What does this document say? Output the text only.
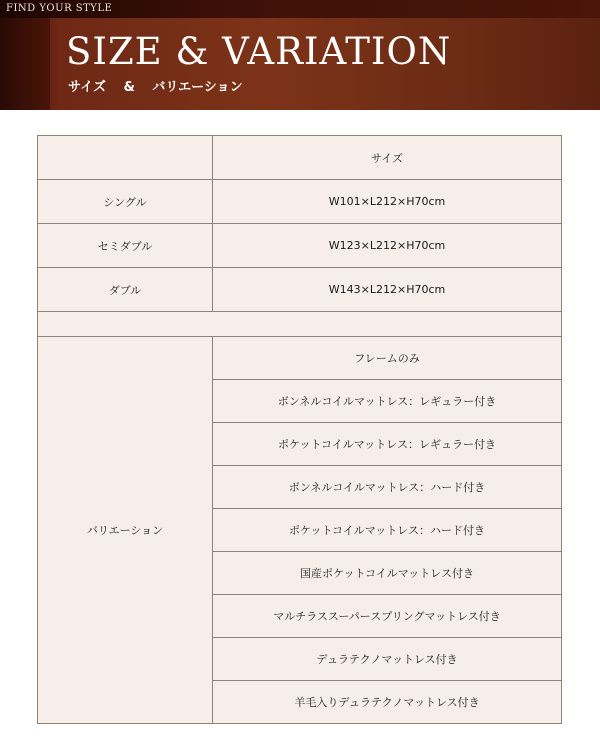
FIND YOUR STYLE
SIZE & VARIATION
サイズ　 &　 バリエーション
	サイズ
シングル	W101×L212×H70cm
セミダブル	W123×L212×H70cm
ダブル	W143×L212×H70cm

バリエーション	フレームのみ
	ボンネルコイルマットレス：レギュラー付き
	ポケットコイルマットレス：レギュラー付き
	ボンネルコイルマットレス：ハード付き
	ポケットコイルマットレス：ハード付き
	国産ポケットコイルマットレス付き
	マルチラススーパースプリングマットレス付き
	デュラテクノマットレス付き
	羊毛入りデュラテクノマットレス付き
